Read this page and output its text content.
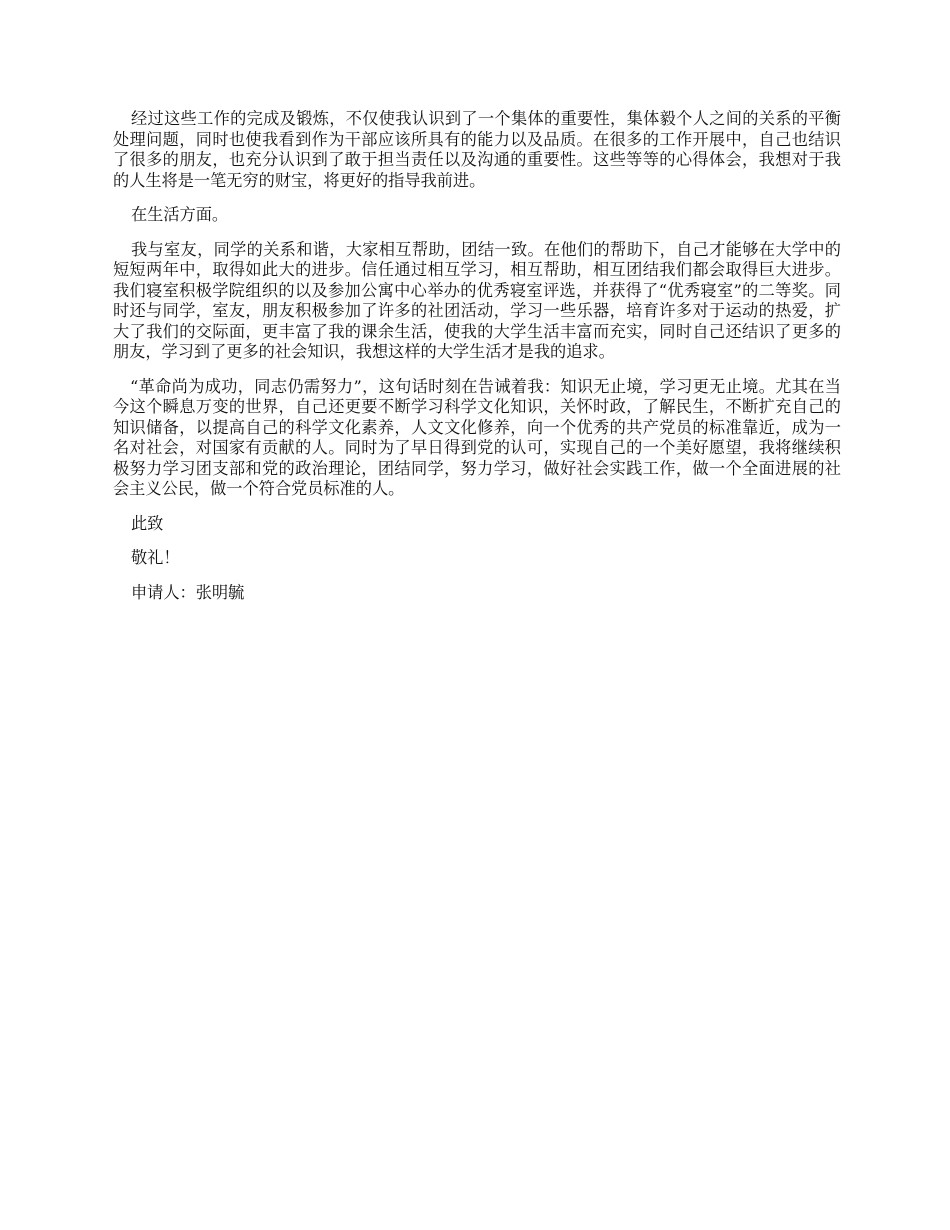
经过这些工作的完成及锻炼，不仅使我认识到了一个集体的重要性，集体毅个人之间的关系的平衡处理问题，同时也使我看到作为干部应该所具有的能力以及品质。在很多的工作开展中，自己也结识了很多的朋友，也充分认识到了敢于担当责任以及沟通的重要性。这些等等的心得体会，我想对于我的人生将是一笔无穷的财宝，将更好的指导我前进。

在生活方面。

我与室友，同学的关系和谐，大家相互帮助，团结一致。在他们的帮助下，自己才能够在大学中的短短两年中，取得如此大的进步。信任通过相互学习，相互帮助，相互团结我们都会取得巨大进步。我们寝室积极学院组织的以及参加公寓中心举办的优秀寝室评选，并获得了“优秀寝室”的二等奖。同时还与同学，室友，朋友积极参加了许多的社团活动，学习一些乐器，培育许多对于运动的热爱，扩大了我们的交际面，更丰富了我的课余生活，使我的大学生活丰富而充实，同时自己还结识了更多的朋友，学习到了更多的社会知识，我想这样的大学生活才是我的追求。

“革命尚为成功，同志仍需努力”，这句话时刻在告诫着我：知识无止境，学习更无止境。尤其在当今这个瞬息万变的世界，自己还更要不断学习科学文化知识，关怀时政，了解民生，不断扩充自己的知识储备，以提高自己的科学文化素养，人文文化修养，向一个优秀的共产党员的标准靠近，成为一名对社会，对国家有贡献的人。同时为了早日得到党的认可，实现自己的一个美好愿望，我将继续积极努力学习团支部和党的政治理论，团结同学，努力学习，做好社会实践工作，做一个全面进展的社会主义公民，做一个符合党员标准的人。

此致

敬礼！

申请人：张明毓
